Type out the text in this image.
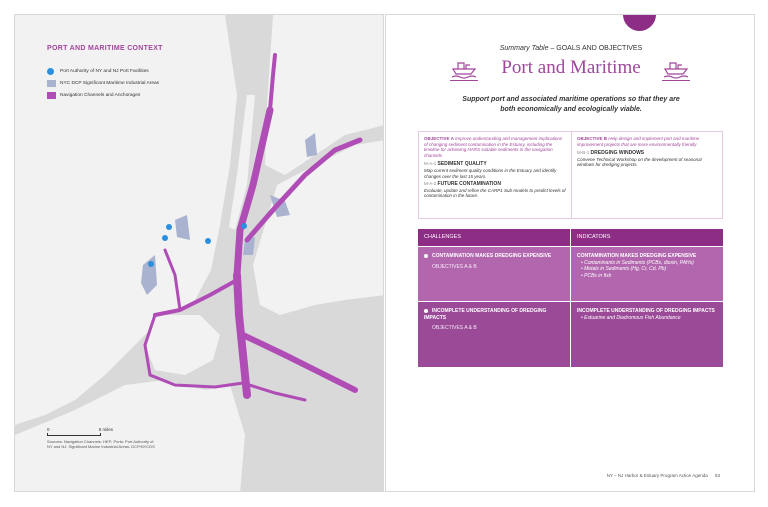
PORT AND MARITIME CONTEXT
Port Authority of NY and NJ Port Facilities
NYC DCP Significant Maritime Industrial Areas
Navigation Channels and Anchorages
0	5 miles
Sources: Navigation Channels: HEP; Ports: Port Authority of NY and NJ; Significant Marine Industrial Areas: DCP/NYCDS
Summary Table – GOALS AND OBJECTIVES
Port and Maritime
Support port and associated maritime operations so that they are both economically and ecologically viable.
OBJECTIVE A Improve understanding and management implications of changing sediment contamination in the Estuary, including the timeline for achieving HARS suitable sediments in the navigation channels
M-A-1 SEDIMENT QUALITY
Map current sediment quality conditions in the Estuary and identify changes over the last 15 years.
M-A-2 FUTURE CONTAMINATION
Evaluate, update and refine the CARP1 Sub-models to predict levels of contamination in the future.
OBJECTIVE B Help design and implement port and maritime improvement projects that are more environmentally friendly
M-B-1 DREDGING WINDOWS
Convene Technical Workshop on the development of seasonal windows for dredging projects.
CHALLENGES	INDICATORS
CONTAMINATION MAKES DREDGING EXPENSIVE
OBJECTIVES A & B
CONTAMINATION MAKES DREDGING EXPENSIVE
• Contaminants in Sediments (PCBs, dioxin, PAHs)
• Metals in Sediments (Hg, Cr, Cd, Pb)
• PCBs in fish
INCOMPLETE UNDERSTANDING OF DREDGING IMPACTS
OBJECTIVES A & B
INCOMPLETE UNDERSTANDING OF DREDGING IMPACTS
• Estuarine and Diadromous Fish Abundance
NY – NJ Harbor & Estuary Program Action Agenda 53
